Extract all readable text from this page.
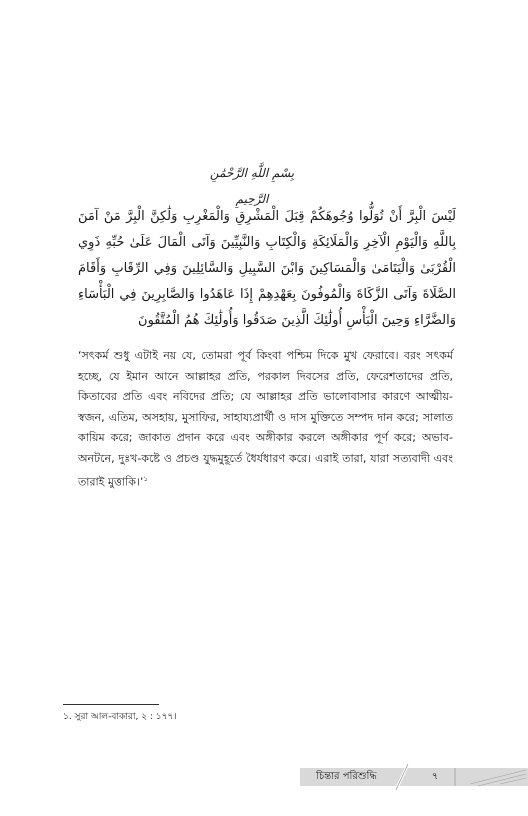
بِسْمِ اللَّهِ الرَّحْمَٰنِ الرَّحِيمِ
لَيْسَ الْبِرَّ أَنْ تُوَلُّوا وُجُوهَكُمْ قِبَلَ الْمَشْرِقِ وَالْمَغْرِبِ وَلَٰكِنَّ الْبِرَّ مَنْ آمَنَ بِاللَّهِ وَالْيَوْمِ الْآخِرِ وَالْمَلَائِكَةِ وَالْكِتَابِ وَالنَّبِيِّينَ وَآتَى الْمَالَ عَلَىٰ حُبِّهِ ذَوِي الْقُرْبَىٰ وَالْيَتَامَىٰ وَالْمَسَاكِينَ وَابْنَ السَّبِيلِ وَالسَّائِلِينَ وَفِي الرِّقَابِ وَأَقَامَ الصَّلَاةَ وَآتَى الزَّكَاةَ وَالْمُوفُونَ بِعَهْدِهِمْ إِذَا عَاهَدُوا وَالصَّابِرِينَ فِي الْبَأْسَاءِ وَالضَّرَّاءِ وَحِينَ الْبَأْسِ أُولَٰئِكَ الَّذِينَ صَدَقُوا وَأُولَٰئِكَ هُمُ الْمُتَّقُونَ
‘সৎকর্ম শুধু এটাই নয় যে, তোমরা পূর্ব কিংবা পশ্চিম দিকে মুখ ফেরাবে। বরং সৎকর্ম হচ্ছে, যে ইমান আনে আল্লাহর প্রতি, পরকাল দিবসের প্রতি, ফেরেশতাদের প্রতি, কিতাবের প্রতি এবং নবিদের প্রতি; যে আল্লাহর প্রতি ভালোবাসার কারণে আত্মীয়-স্বজন, এতিম, অসহায়, মুসাফির, সাহায্যপ্রার্থী ও দাস মুক্তিতে সম্পদ দান করে; সালাত কায়িম করে; জাকাত প্রদান করে এবং অঙ্গীকার করলে অঙ্গীকার পূর্ণ করে; অভাব-অনটনে, দুঃখ-কষ্টে ও প্রচণ্ড যুদ্ধমুহূর্তে ধৈর্যধারণ করে। এরাই তারা, যারা সত্যবাদী এবং তারাই মুত্তাকি।’$^১$
১. সুরা আল-বাকারা, ২ : ১৭৭।
চিন্তার পরিশুদ্ধি	৭
